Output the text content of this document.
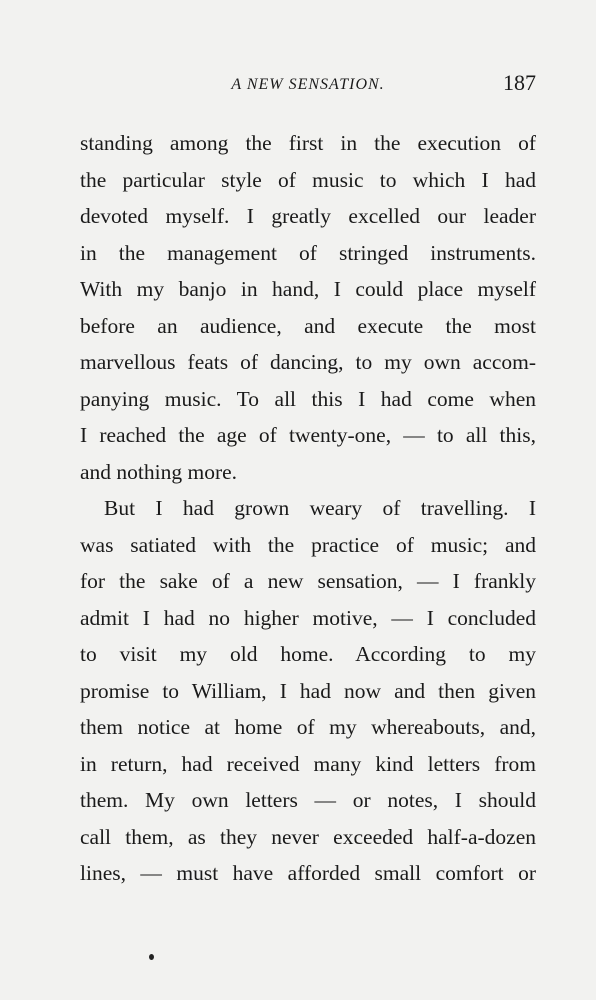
A NEW SENSATION.	187
standing among the first in the execution of
the particular style of music to which I had
devoted myself. I greatly excelled our leader
in the management of stringed instruments.
With my banjo in hand, I could place myself
before an audience, and execute the most
marvellous feats of dancing, to my own accom-
panying music. To all this I had come when
I reached the age of twenty-one, — to all this,
and nothing more.
But I had grown weary of travelling. I
was satiated with the practice of music; and
for the sake of a new sensation, — I frankly
admit I had no higher motive, — I concluded
to visit my old home. According to my
promise to William, I had now and then given
them notice at home of my whereabouts, and,
in return, had received many kind letters from
them. My own letters — or notes, I should
call them, as they never exceeded half-a-dozen
lines, — must have afforded small comfort or
